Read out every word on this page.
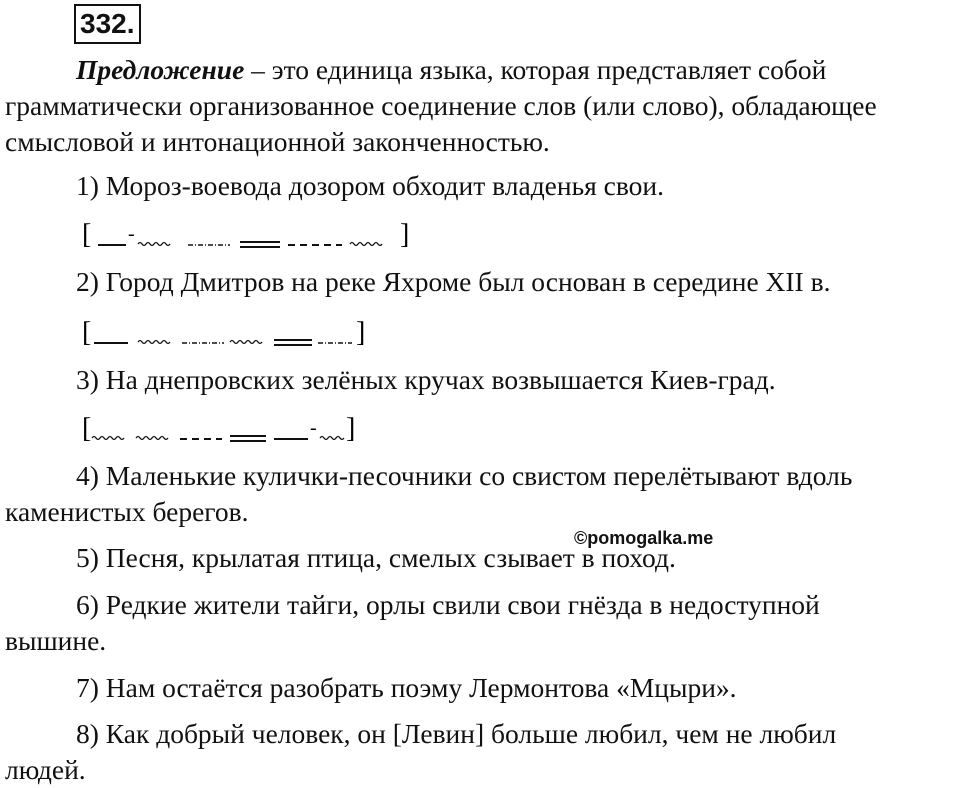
332.
Предложение – это единица языка, которая представляет собой
грамматически организованное соединение слов (или слово), обладающее
смысловой и интонационной законченностью.
1) Мороз-воевода дозором обходит владенья свои.
[ -	]
2) Город Дмитров на реке Яхроме был основан в середине XII в.
[	]
3) На днепровских зелёных кручах возвышается Киев-град.
[	- ]
4) Маленькие кулички-песочники со свистом перелётывают вдоль
каменистых берегов.
©pomogalka.me
5) Песня, крылатая птица, смелых сзывает в поход.
6) Редкие жители тайги, орлы свили свои гнёзда в недоступной
вышине.
7) Нам остаётся разобрать поэму Лермонтова «Мцыри».
8) Как добрый человек, он [Левин] больше любил, чем не любил
людей.
